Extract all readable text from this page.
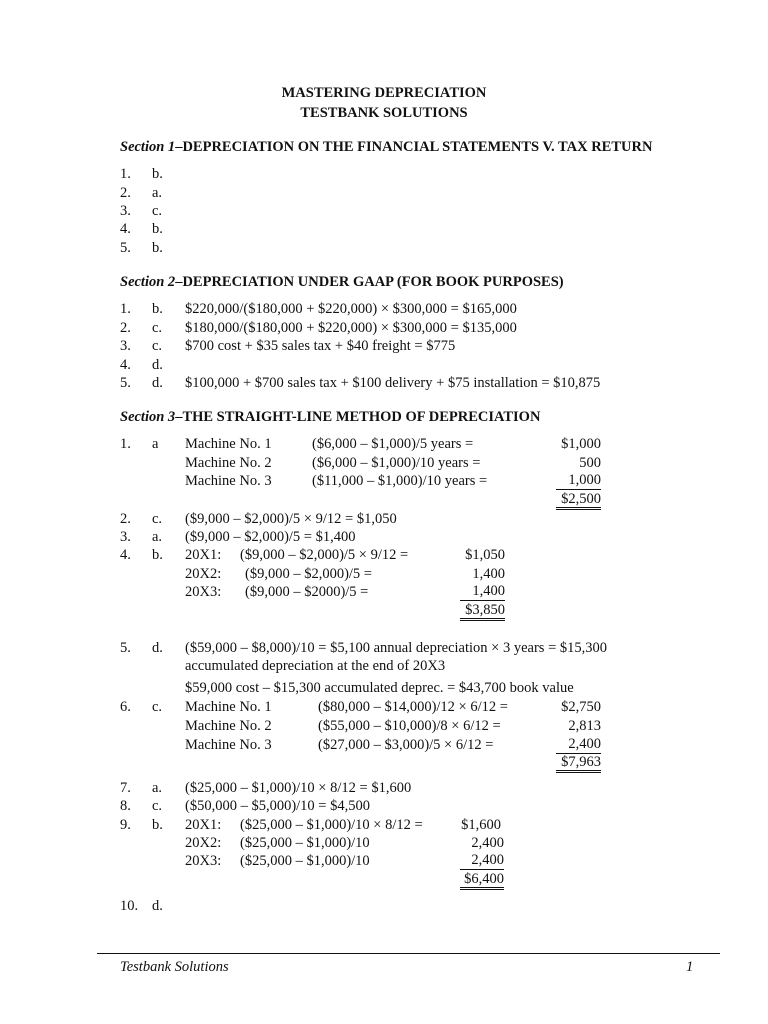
MASTERING DEPRECIATION
TESTBANK SOLUTIONS
Section 1–DEPRECIATION ON THE FINANCIAL STATEMENTS V. TAX RETURN
1. b.
2. a.
3. c.
4. b.
5. b.
Section 2–DEPRECIATION UNDER GAAP (FOR BOOK PURPOSES)
1. b. $220,000/($180,000 + $220,000) × $300,000 = $165,000
2. c. $180,000/($180,000 + $220,000) × $300,000 = $135,000
3. c. $700 cost + $35 sales tax + $40 freight = $775
4. d.
5. d. $100,000 + $700 sales tax + $100 delivery + $75 installation = $10,875
Section 3–THE STRAIGHT-LINE METHOD OF DEPRECIATION
1. a Machine No. 1	($6,000 – $1,000)/5 years =	$1,000
Machine No. 2	($6,000 – $1,000)/10 years =	500
Machine No. 3	($11,000 – $1,000)/10 years =	1,000
$2,500
2. c. ($9,000 – $2,000)/5 × 9/12 = $1,050
3. a. ($9,000 – $2,000)/5 = $1,400
4. b. 20X1: ($9,000 – $2,000)/5 × 9/12 =	$1,050
20X2: ($9,000 – $2,000)/5 =	1,400
20X3: ($9,000 – $2000)/5 =	1,400
$3,850
5. d. ($59,000 – $8,000)/10 = $5,100 annual depreciation × 3 years = $15,300
accumulated depreciation at the end of 20X3
$59,000 cost – $15,300 accumulated deprec. = $43,700 book value
6. c. Machine No. 1	($80,000 – $14,000)/12 × 6/12 =	$2,750
Machine No. 2	($55,000 – $10,000)/8 × 6/12 =	2,813
Machine No. 3	($27,000 – $3,000)/5 × 6/12 =	2,400
$7,963
7. a. ($25,000 – $1,000)/10 × 8/12 = $1,600
8. c. ($50,000 – $5,000)/10 = $4,500
9. b. 20X1: ($25,000 – $1,000)/10 × 8/12 =	$1,600
20X2: ($25,000 – $1,000)/10	2,400
20X3: ($25,000 – $1,000)/10	2,400
$6,400
10. d.
Testbank Solutions	1
